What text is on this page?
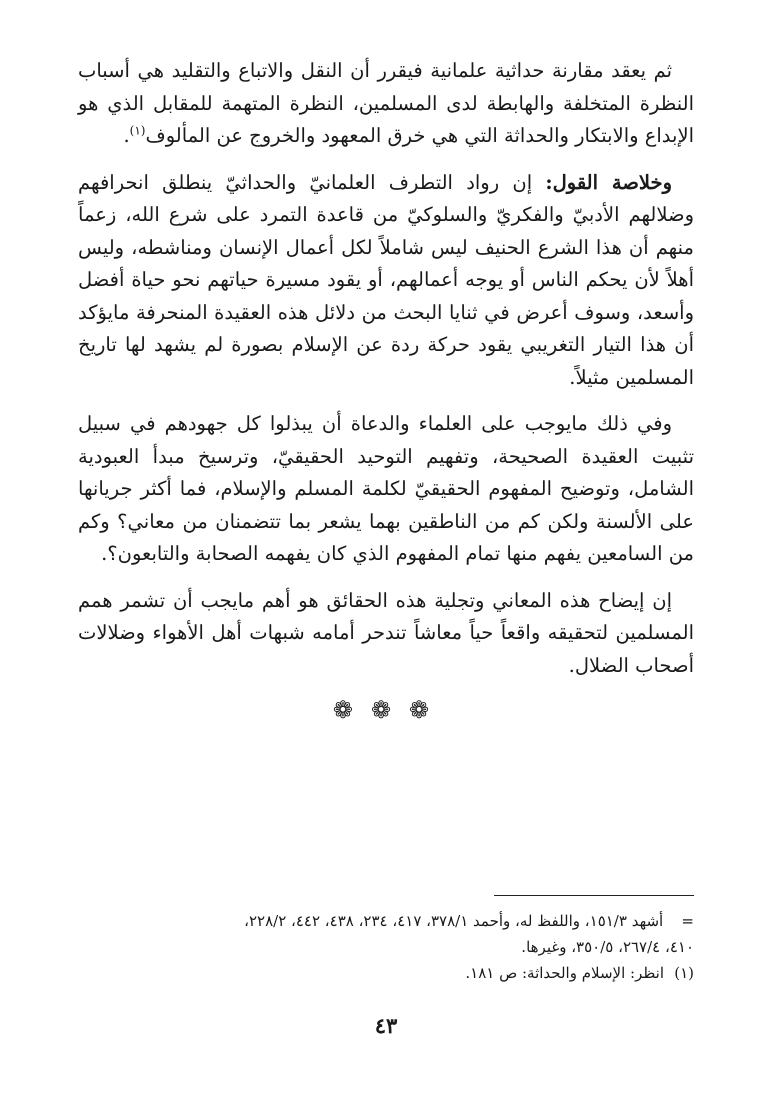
ثم يعقد مقارنة حداثية علمانية فيقرر أن النقل والاتباع والتقليد هي أسباب النظرة المتخلفة والهابطة لدى المسلمين، النظرة المتهمة للمقابل الذي هو الإبداع والابتكار والحداثة التي هي خرق المعهود والخروج عن المألوف$^{(١)}$.

وخلاصة القول: إن رواد التطرف العلمانيّ والحداثيّ ينطلق انحرافهم وضلالهم الأدبيّ والفكريّ والسلوكيّ من قاعدة التمرد على شرع الله، زعماً منهم أن هذا الشرع الحنيف ليس شاملاً لكل أعمال الإنسان ومناشطه، وليس أهلاً لأن يحكم الناس أو يوجه أعمالهم، أو يقود مسيرة حياتهم نحو حياة أفضل وأسعد، وسوف أعرض في ثنايا البحث من دلائل هذه العقيدة المنحرفة مايؤكد أن هذا التيار التغريبي يقود حركة ردة عن الإسلام بصورة لم يشهد لها تاريخ المسلمين مثيلاً.

وفي ذلك مايوجب على العلماء والدعاة أن يبذلوا كل جهودهم في سبيل تثبيت العقيدة الصحيحة، وتفهيم التوحيد الحقيقيّ، وترسيخ مبدأ العبودية الشامل، وتوضيح المفهوم الحقيقيّ لكلمة المسلم والإسلام، فما أكثر جريانها على الألسنة ولكن كم من الناطقين بهما يشعر بما تتضمنان من معاني؟ وكم من السامعين يفهم منها تمام المفهوم الذي كان يفهمه الصحابة والتابعون؟.

إن إيضاح هذه المعاني وتجلية هذه الحقائق هو أهم مايجب أن تشمر همم المسلمين لتحقيقه واقعاً حياً معاشاً تندحر أمامه شبهات أهل الأهواء وضلالات أصحاب الضلال.

❁ ❁ ❁

= أشهد ١٥١/٣، واللفظ له، وأحمد ٣٧٨/١، ٤١٧، ٢٣٤، ٤٣٨، ٤٤٢، ٢٢٨/٢،

٤١٠، ٢٦٧/٤، ٣٥٠/٥، وغيرها.

(١)انظر: الإسلام والحداثة: ص ١٨١.

٤٣
